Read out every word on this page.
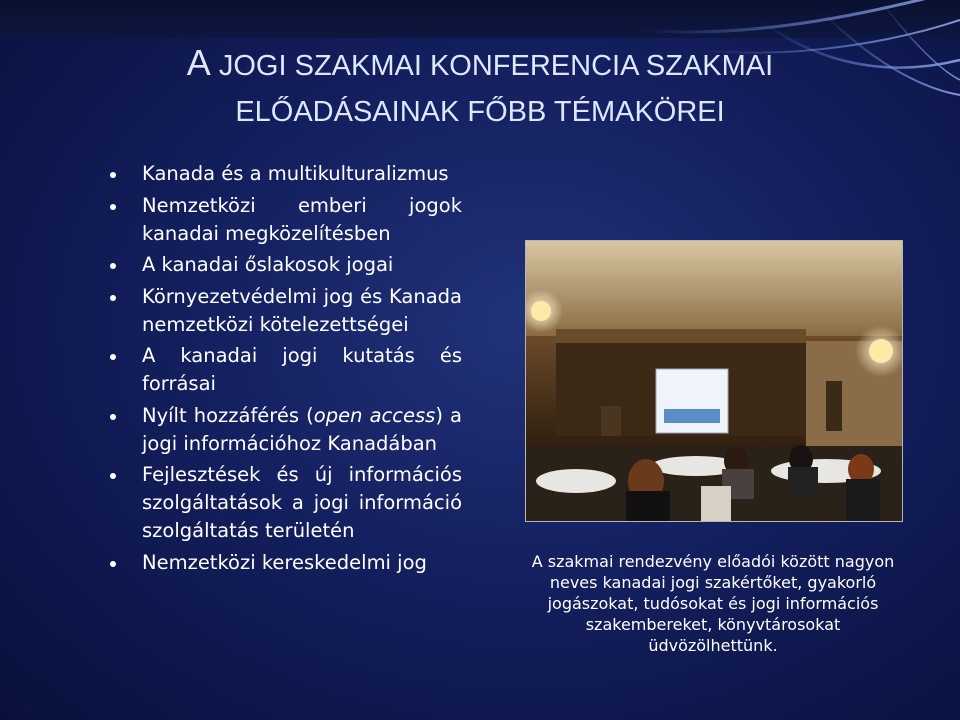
A JOGI SZAKMAI KONFERENCIA SZAKMAI
ELŐADÁSAINAK FŐBB TÉMAKÖREI
Kanada és a multikulturalizmus
Nemzetközi emberi jogok kanadai megközelítésben
A kanadai őslakosok jogai
Környezetvédelmi jog és Kanada nemzetközi kötelezettségei
A kanadai jogi kutatás és forrásai
Nyílt hozzáférés (open access) a jogi információhoz Kanadában
Fejlesztések és új információs szolgáltatások a jogi információ szolgáltatás területén
Nemzetközi kereskedelmi jog	A szakmai rendezvény előadói között nagyon neves kanadai jogi szakértőket, gyakorló jogászokat, tudósokat és jogi információs szakembereket, könyvtárosokat üdvözölhettünk.
